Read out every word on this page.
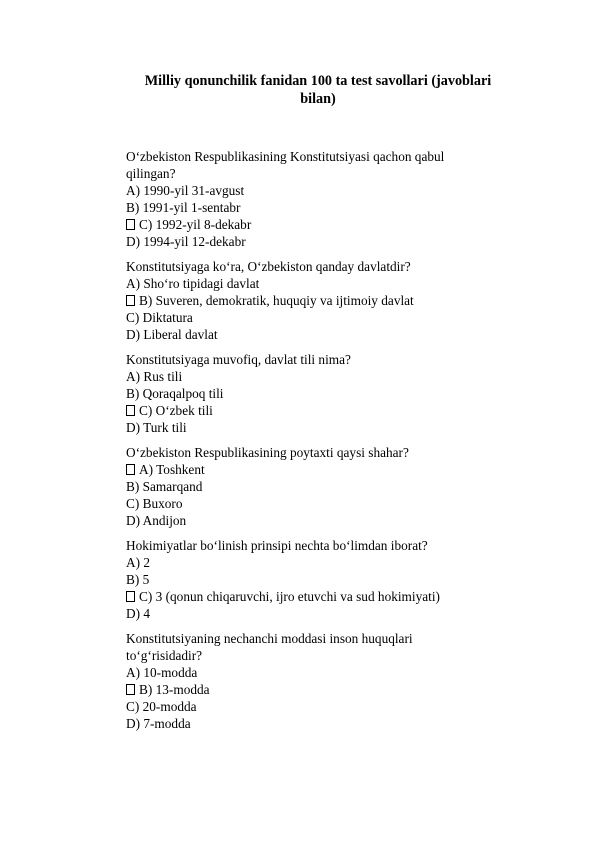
Milliy qonunchilik fanidan 100 ta test savollari (javoblari bilan)
O‘zbekiston Respublikasining Konstitutsiyasi qachon qabul qilingan?
A) 1990-yil 31-avgust
B) 1991-yil 1-sentabr
C) 1992-yil 8-dekabr
D) 1994-yil 12-dekabr
Konstitutsiyaga ko‘ra, O‘zbekiston qanday davlatdir?
A) Sho‘ro tipidagi davlat
B) Suveren, demokratik, huquqiy va ijtimoiy davlat
C) Diktatura
D) Liberal davlat
Konstitutsiyaga muvofiq, davlat tili nima?
A) Rus tili
B) Qoraqalpoq tili
C) O‘zbek tili
D) Turk tili
O‘zbekiston Respublikasining poytaxti qaysi shahar?
A) Toshkent
B) Samarqand
C) Buxoro
D) Andijon
Hokimiyatlar bo‘linish prinsipi nechta bo‘limdan iborat?
A) 2
B) 5
C) 3 (qonun chiqaruvchi, ijro etuvchi va sud hokimiyati)
D) 4
Konstitutsiyaning nechanchi moddasi inson huquqlari to‘g‘risidadir?
A) 10-modda
B) 13-modda
C) 20-modda
D) 7-modda
